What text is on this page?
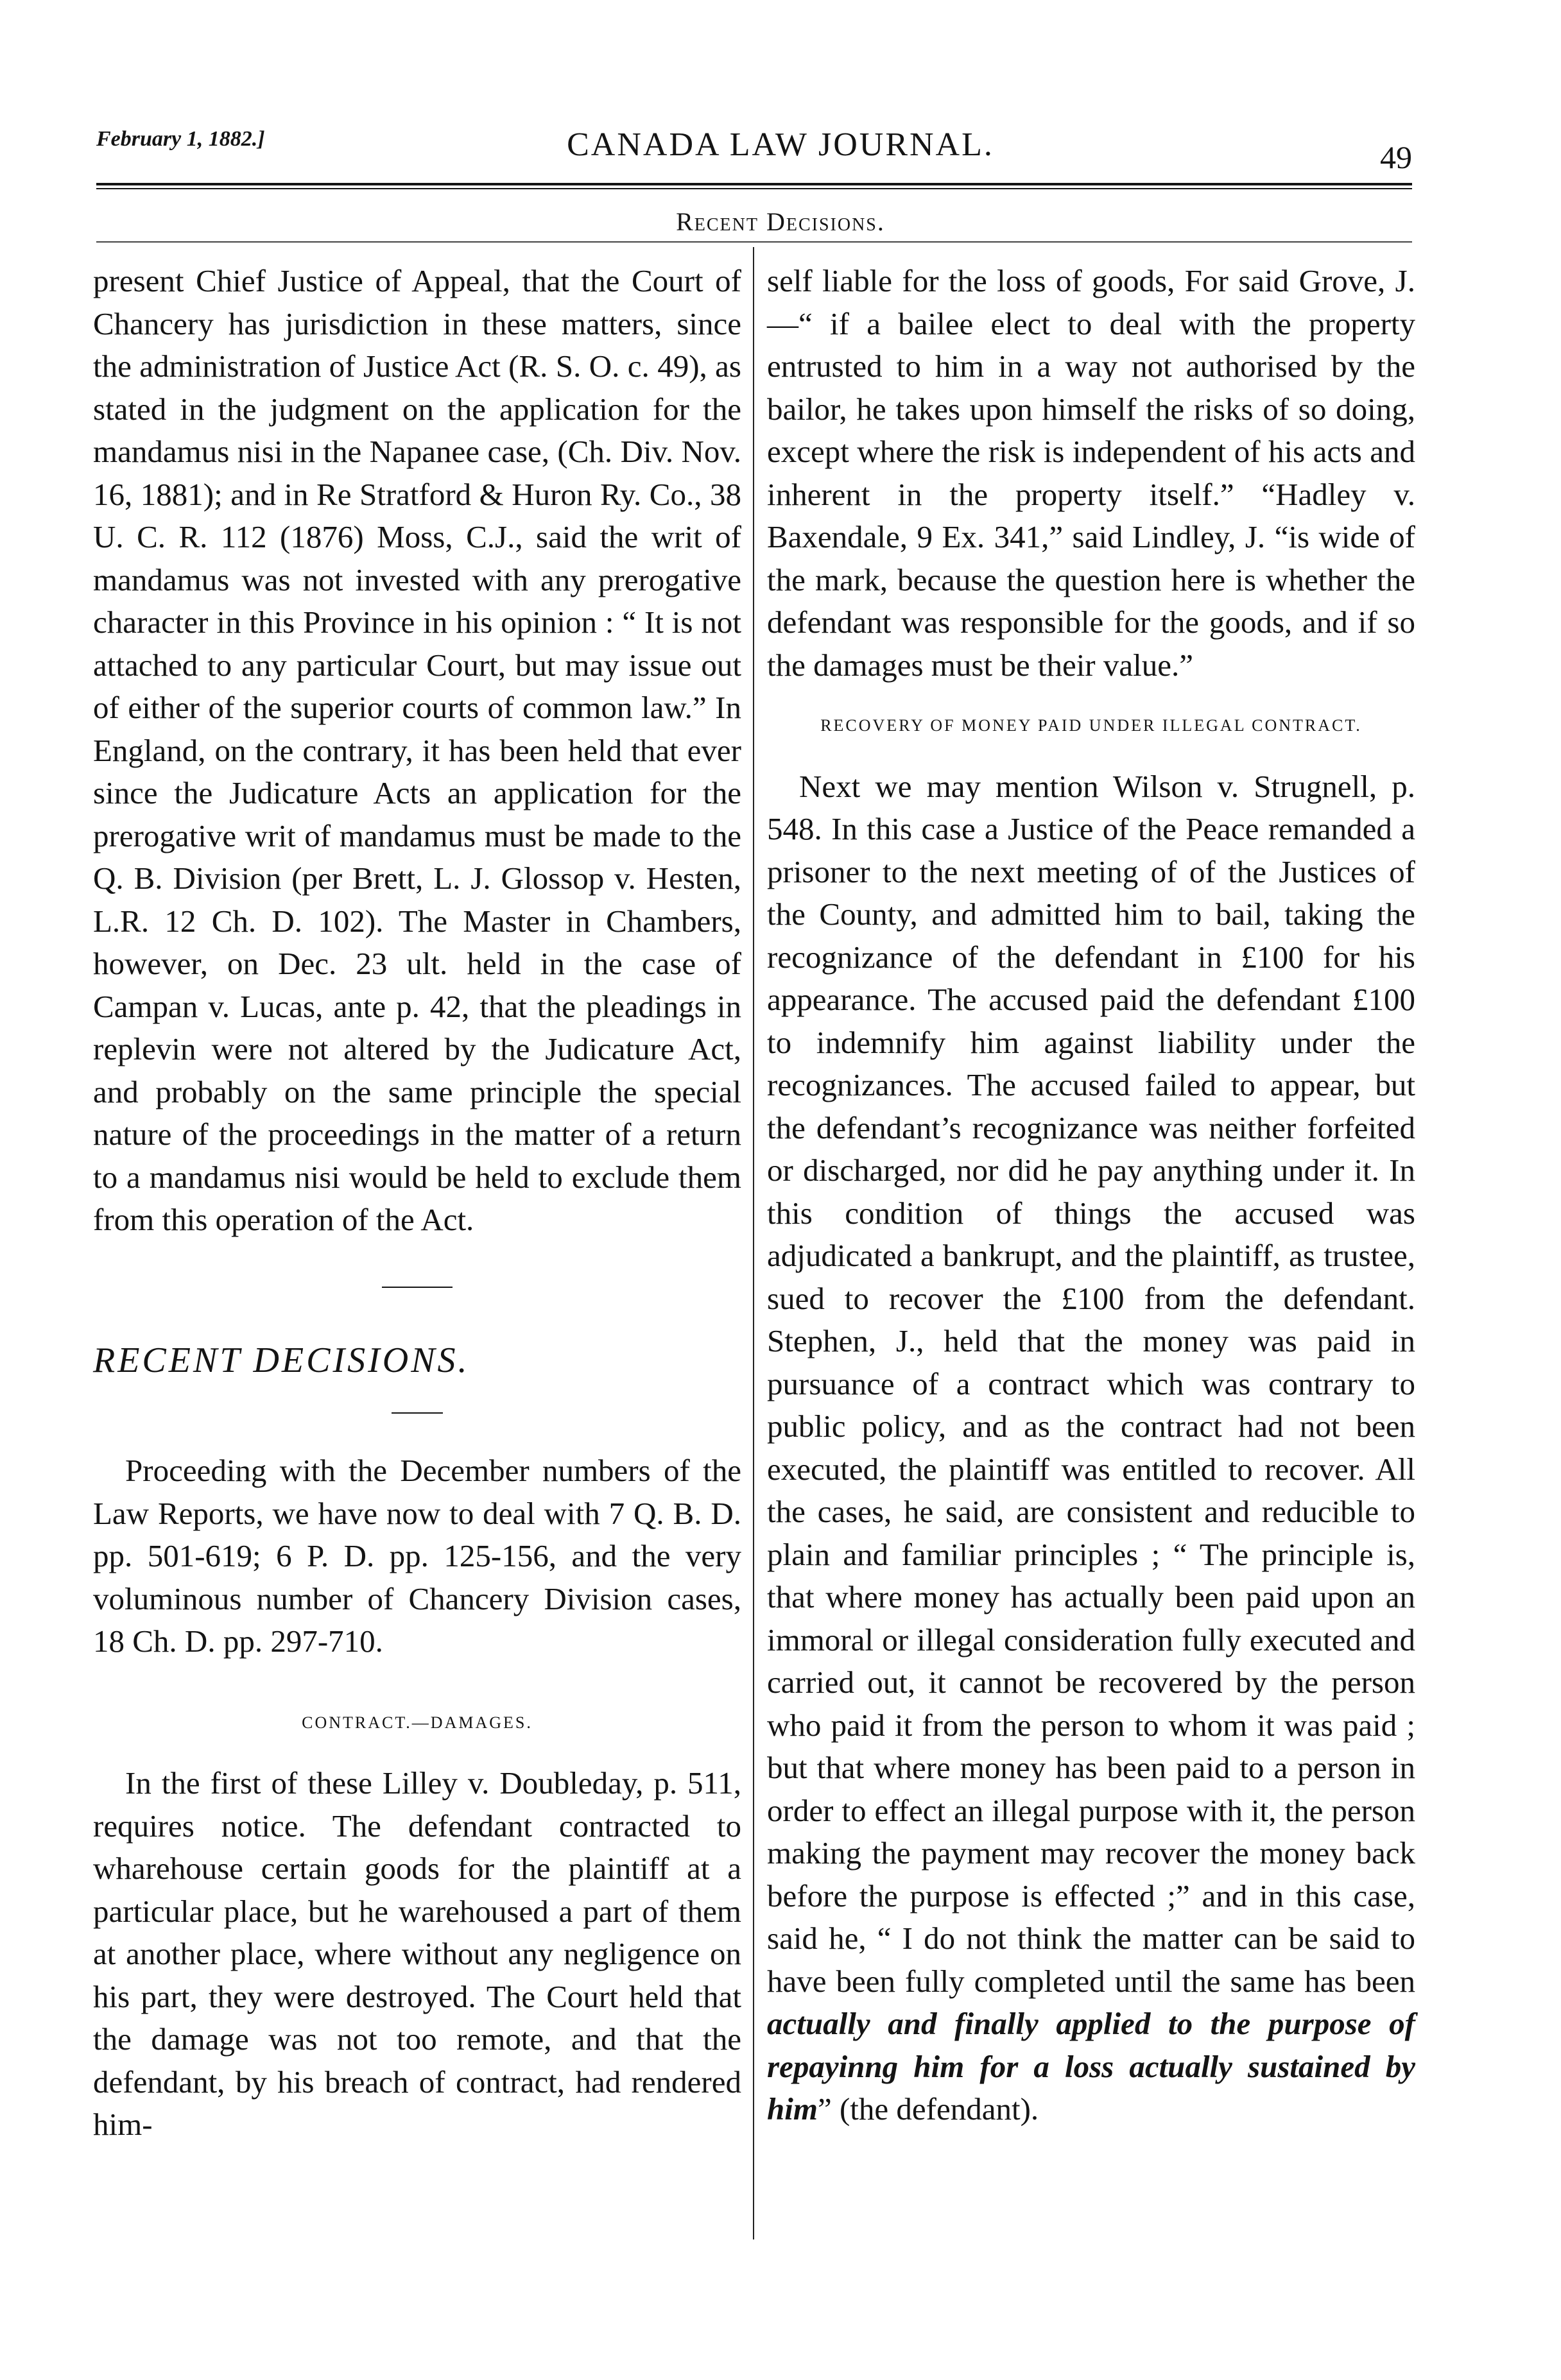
February 1, 1882.]	CANADA LAW JOURNAL.	49
Recent Decisions.

present Chief Justice of Appeal, that the Court of Chancery has jurisdiction in these matters, since the administration of Justice Act (R. S. O. c. 49), as stated in the judgment on the application for the mandamus nisi in the Napanee case, (Ch. Div. Nov. 16, 1881); and in Re Stratford & Huron Ry. Co., 38 U. C. R. 112 (1876) Moss, C.J., said the writ of mandamus was not invested with any prerogative character in this Province in his opinion : “ It is not attached to any particular Court, but may issue out of either of the superior courts of common law.” In England, on the contrary, it has been held that ever since the Judicature Acts an application for the prerogative writ of mandamus must be made to the Q. B. Division (per Brett, L. J. Glossop v. Hesten, L.R. 12 Ch. D. 102). The Master in Chambers, however, on Dec. 23 ult. held in the case of Campan v. Lucas, ante p. 42, that the pleadings in replevin were not altered by the Judicature Act, and probably on the same principle the special nature of the proceedings in the matter of a return to a mandamus nisi would be held to exclude them from this operation of the Act.

RECENT DECISIONS.

Proceeding with the December numbers of the Law Reports, we have now to deal with 7 Q. B. D. pp. 501-619; 6 P. D. pp. 125-156, and the very voluminous number of Chancery Division cases, 18 Ch. D. pp. 297-710.

CONTRACT.—DAMAGES.

In the first of these Lilley v. Doubleday, p. 511, requires notice. The defendant contracted to wharehouse certain goods for the plaintiff at a particular place, but he warehoused a part of them at another place, where without any negligence on his part, they were destroyed. The Court held that the damage was not too remote, and that the defendant, by his breach of contract, had rendered him-

self liable for the loss of goods, For said Grove, J.—“ if a bailee elect to deal with the property entrusted to him in a way not authorised by the bailor, he takes upon himself the risks of so doing, except where the risk is independent of his acts and inherent in the property itself.” “Hadley v. Baxendale, 9 Ex. 341,” said Lindley, J. “is wide of the mark, because the question here is whether the defendant was responsible for the goods, and if so the damages must be their value.”

RECOVERY OF MONEY PAID UNDER ILLEGAL CONTRACT.

Next we may mention Wilson v. Strugnell, p. 548. In this case a Justice of the Peace remanded a prisoner to the next meeting of of the Justices of the County, and admitted him to bail, taking the recognizance of the defendant in £100 for his appearance. The accused paid the defendant £100 to indemnify him against liability under the recognizances. The accused failed to appear, but the defendant’s recognizance was neither forfeited or discharged, nor did he pay anything under it. In this condition of things the accused was adjudicated a bankrupt, and the plaintiff, as trustee, sued to recover the £100 from the defendant. Stephen, J., held that the money was paid in pursuance of a contract which was contrary to public policy, and as the contract had not been executed, the plaintiff was entitled to recover. All the cases, he said, are consistent and reducible to plain and familiar principles ; “ The principle is, that where money has actually been paid upon an immoral or illegal consideration fully executed and carried out, it cannot be recovered by the person who paid it from the person to whom it was paid ; but that where money has been paid to a person in order to effect an illegal purpose with it, the person making the payment may recover the money back before the purpose is effected ;” and in this case, said he, “ I do not think the matter can be said to have been fully completed until the same has been actually and finally applied to the purpose of repayinng him for a loss actually sustained by him” (the defendant).
